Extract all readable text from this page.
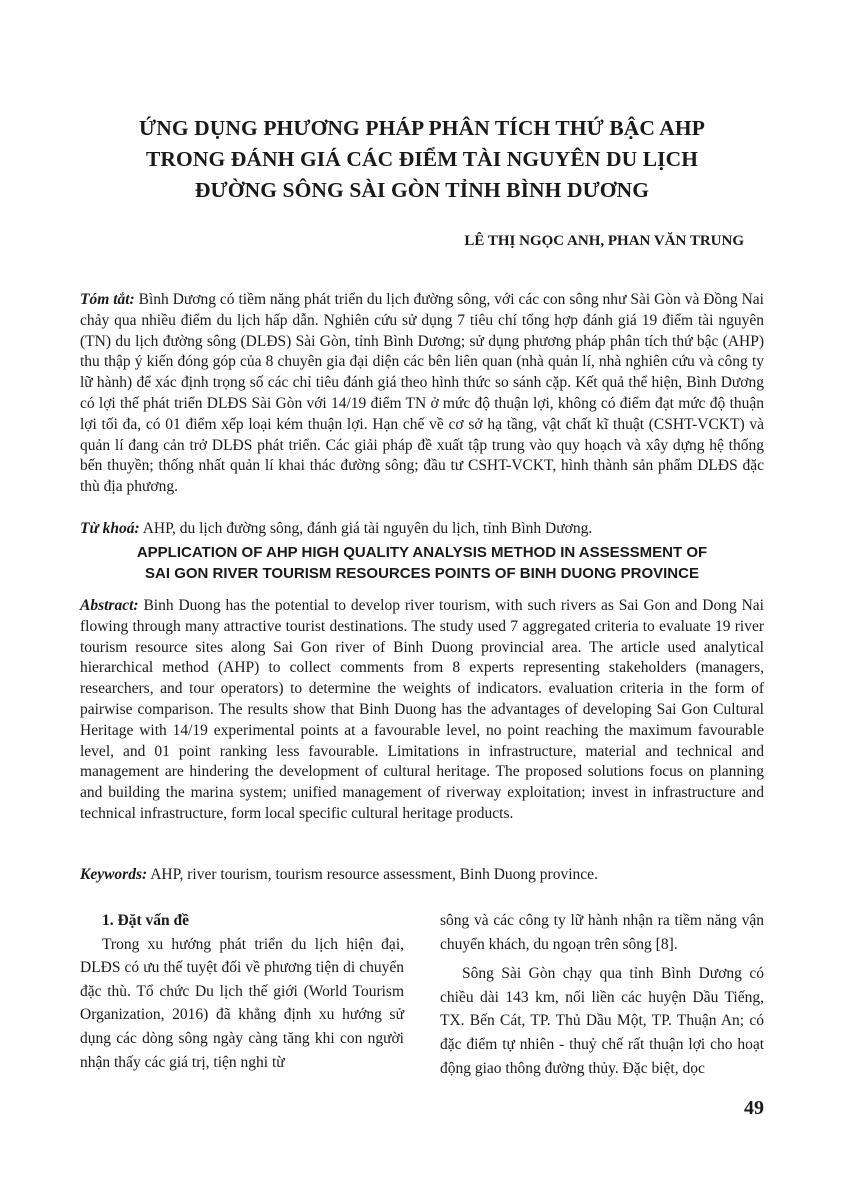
ỨNG DỤNG PHƯƠNG PHÁP PHÂN TÍCH THỨ BẬC AHP
TRONG ĐÁNH GIÁ CÁC ĐIỂM TÀI NGUYÊN DU LỊCH
ĐƯỜNG SÔNG SÀI GÒN TỈNH BÌNH DƯƠNG
LÊ THỊ NGỌC ANH, PHAN VĂN TRUNG
Tóm tắt: Bình Dương có tiềm năng phát triển du lịch đường sông, với các con sông như Sài Gòn và Đồng Nai chảy qua nhiều điểm du lịch hấp dẫn. Nghiên cứu sử dụng 7 tiêu chí tổng hợp đánh giá 19 điểm tài nguyên (TN) du lịch đường sông (DLĐS) Sài Gòn, tỉnh Bình Dương; sử dụng phương pháp phân tích thứ bậc (AHP) thu thập ý kiến đóng góp của 8 chuyên gia đại diện các bên liên quan (nhà quản lí, nhà nghiên cứu và công ty lữ hành) để xác định trọng số các chỉ tiêu đánh giá theo hình thức so sánh cặp. Kết quả thể hiện, Bình Dương có lợi thế phát triển DLĐS Sài Gòn với 14/19 điểm TN ở mức độ thuận lợi, không có điểm đạt mức độ thuận lợi tối đa, có 01 điểm xếp loại kém thuận lợi. Hạn chế về cơ sở hạ tầng, vật chất kĩ thuật (CSHT-VCKT) và quản lí đang cản trở DLĐS phát triển. Các giải pháp đề xuất tập trung vào quy hoạch và xây dựng hệ thống bến thuyền; thống nhất quản lí khai thác đường sông; đầu tư CSHT-VCKT, hình thành sản phẩm DLĐS đặc thù địa phương.
Từ khoá: AHP, du lịch đường sông, đánh giá tài nguyên du lịch, tỉnh Bình Dương.
APPLICATION OF AHP HIGH QUALITY ANALYSIS METHOD IN ASSESSMENT OF
SAI GON RIVER TOURISM RESOURCES POINTS OF BINH DUONG PROVINCE
Abstract: Binh Duong has the potential to develop river tourism, with such rivers as Sai Gon and Dong Nai flowing through many attractive tourist destinations. The study used 7 aggregated criteria to evaluate 19 river tourism resource sites along Sai Gon river of Binh Duong provincial area. The article used analytical hierarchical method (AHP) to collect comments from 8 experts representing stakeholders (managers, researchers, and tour operators) to determine the weights of indicators. evaluation criteria in the form of pairwise comparison. The results show that Binh Duong has the advantages of developing Sai Gon Cultural Heritage with 14/19 experimental points at a favourable level, no point reaching the maximum favourable level, and 01 point ranking less favourable. Limitations in infrastructure, material and technical and management are hindering the development of cultural heritage. The proposed solutions focus on planning and building the marina system; unified management of riverway exploitation; invest in infrastructure and technical infrastructure, form local specific cultural heritage products.
Keywords: AHP, river tourism, tourism resource assessment, Binh Duong province.
1. Đặt vấn đề

Trong xu hướng phát triển du lịch hiện đại, DLĐS có ưu thế tuyệt đối về phương tiện di chuyển đặc thù. Tổ chức Du lịch thế giới (World Tourism Organization, 2016) đã khẳng định xu hướng sử dụng các dòng sông ngày càng tăng khi con người nhận thấy các giá trị, tiện nghi từ

sông và các công ty lữ hành nhận ra tiềm năng vận chuyển khách, du ngoạn trên sông [8].

Sông Sài Gòn chạy qua tỉnh Bình Dương có chiều dài 143 km, nối liền các huyện Dầu Tiếng, TX. Bến Cát, TP. Thủ Dầu Một, TP. Thuận An; có đặc điểm tự nhiên - thuỷ chế rất thuận lợi cho hoạt động giao thông đường thủy. Đặc biệt, dọc

49
